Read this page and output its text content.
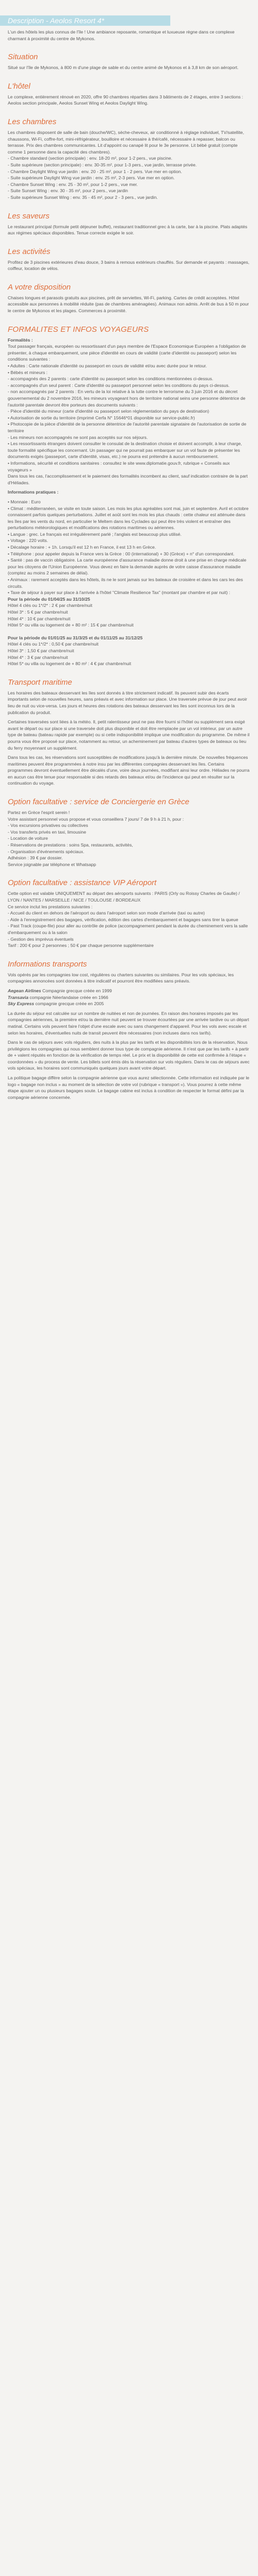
Description - Aeolos Resort 4*

L'un des hôtels les plus connus de l'île ! Une ambiance reposante, romantique et luxueuse règne dans ce complexe charmant à proximité du centre de Mykonos.

Situation

Situé sur l'île de Mykonos, à 800 m d'une plage de sable et du centre animé de Mykonos et à 3,8 km de son aéroport.

L'hôtel

Le complexe, entièrement rénové en 2020, offre 90 chambres réparties dans 3 bâtiments de 2 étages, entre 3 sections : Aeolos section principale, Aeolos Sunset Wing et Aeolos Daylight Wing.

Les chambres

Les chambres disposent de salle de bain (douche/WC), sèche-cheveux, air conditionné à réglage individuel, TV/satellite, chaussons, Wi-Fi, coffre-fort, mini-réfrigérateur, bouilloire et nécessaire à thé/café, nécessaire à repasser, balcon ou terrasse. Prix des chambres communicantes. Lit d'appoint ou canapé lit pour le 3e personne. Lit bébé gratuit (compte comme 1 personne dans la capacité des chambres).

- Chambre standard (section principale) : env. 18-20 m², pour 1-2 pers., vue piscine.

- Suite supérieure (section principale) : env. 30-35 m², pour 1-3 pers., vue jardin, terrasse privée.

- Chambre Daylight Wing vue jardin : env. 20 - 25 m², pour 1 - 2 pers. Vue mer en option.

- Suite supérieure Daylight Wing vue jardin : env. 25 m², 2-3 pers. Vue mer en option.

- Chambre Sunset Wing : env. 25 - 30 m², pour 1-2 pers., vue mer.

- Suite Sunset Wing : env. 30 - 35 m², pour 2 pers., vue jardin

- Suite supérieure Sunset Wing : env. 35 - 45 m², pour 2 - 3 pers., vue jardin.

Les saveurs

Le restaurant principal (formule petit déjeuner buffet), restaurant traditionnel grec à la carte, bar à la piscine. Plats adaptés aux régimes spéciaux disponibles. Tenue correcte exigée le soir.

Les activités

Profitez de 3 piscines extérieures d'eau douce, 3 bains à remous extérieurs chauffés. Sur demande et payants : massages, coiffeur, location de vélos.

A votre disposition

Chaises longues et parasols gratuits aux piscines, prêt de serviettes, Wi-Fi, parking. Cartes de crédit acceptées. Hôtel accessible aux personnes à mobilité réduite (pas de chambres aménagées). Animaux non admis. Arrêt de bus à 50 m pour le centre de Mykonos et les plages. Commerces à proximité.

FORMALITES ET INFOS VOYAGEURS

Formalités :

Tout passager français, européen ou ressortissant d'un pays membre de l'Espace Economique Européen a l'obligation de présenter, à chaque embarquement, une pièce d'identité en cours de validité (carte d'identité ou passeport) selon les conditions suivantes :

• Adultes : Carte nationale d'identité ou passeport en cours de validité et/ou avec durée pour le retour.

• Bébés et mineurs :

- accompagnés des 2 parents : carte d'identité ou passeport selon les conditions mentionnées ci-dessus.

- accompagnés d'un seul parent : Carte d'identité ou passeport personnel selon les conditions du pays ci-dessus.

- non accompagnés par 2 parents : En vertu de la loi relative à la lutte contre le terrorisme du 3 juin 2016 et du décret gouvernemental du 2 novembre 2016, les mineurs voyageant hors de territoire national seins une personne détentrice de l'autorité parentale devront être porteurs des documents suivants :

- Pièce d'identité du mineur (carte d'identité ou passeport selon réglementation du pays de destination)

• Autorisation de sortie du territoire (imprimé Cerfa N° 15646*01 disponible sur service-public.fr)

• Photocopie de la pièce d'identité de la personne détentrice de l'autorité parentale signataire de l'autorisation de sortie de territoire

- Les mineurs non accompagnés ne sont pas acceptés sur nos séjours.

• Les ressortissants étrangers doivent consulter le consulat de la destination choisie et doivent accomplir, à leur charge, toute formalité spécifique les concernant. Un passager qui ne pourrait pas embarquer sur un vol faute de présenter les documents exigés (passeport, carte d'identité, visas, etc.) ne pourra est prétendre à aucun remboursement.

• Informations, sécurité et conditions sanitaires : consultez le site www.diplomatie.gouv.fr, rubrique « Conseils aux voyageurs »

Dans tous les cas, l'accomplissement et le paiement des formalités incombent au client, sauf indication contraire de la part d'Héliades.

Informations pratiques :

• Monnaie : Euro

• Climat : méditerranéen, se visite en toute saison. Les mois les plus agréables sont mai, juin et septembre. Avril et octobre connaissent parfois quelques perturbations. Juillet et août sont les mois les plus chauds : cette chaleur est atténuée dans les îles par les vents du nord, en particulier le Meltem dans les Cyclades qui peut être très violent et entraîner des perturbations météorologiques et modifications des rotations maritimes ou aériennes.

• Langue : grec. Le français est irrégulièrement parlé ; l'anglais est beaucoup plus utilisé.

• Voltage : 220 volts.

• Décalage horaire : + 1h. Lorsqu'il est 12 h en France, il est 13 h en Grèce.

• Téléphone : pour appeler depuis la France vers la Grèce : 00 (international) + 30 (Grèce) + n° d'un correspondant.

• Santé : pas de vaccin obligatoire. La carte européenne d'assurance maladie donne droit à une prise en charge médicale pour les citoyens de l'Union Européenne. Vous devez en faire la demande auprès de votre caisse d'assurance maladie (comptez au moins 2 semaines de délai).

• Animaux : rarement acceptés dans les hôtels, ils ne le sont jamais sur les bateaux de croisière et dans les cars les des circuits.

• Taxe de séjour à payer sur place à l'arrivée à l'hôtel "Climate Resilience Tax" (montant par chambre et par nuit) :

Pour la période du 01/04/25 au 31/10/25

Hôtel 4 clés ou 1*/2* : 2 € par chambre/nuit

Hôtel 3* : 5 € par chambre/nuit

Hôtel 4* : 10 € par chambre/nuit

Hôtel 5* ou villa ou logement de + 80 m² : 15 € par chambre/nuit

Pour la période du 01/01/25 au 31/3/25 et du 01/11/25 au 31/12/25

Hôtel 4 clés ou 1*/2* : 0,50 € par chambre/nuit

Hôtel 3* : 1,50 € par chambre/nuit

Hôtel 4* : 3 € par chambre/nuit

Hôtel 5* ou villa ou logement de + 80 m² : 4 € par chambre/nuit

Transport maritime

Les horaires des bateaux desservant les îles sont donnés à titre strictement indicatif. Ils peuvent subir des écarts importants selon de nouvelles heures, sans préavis et avec information sur place. Une traversée prévue de jour peut avoir lieu de nuit ou vice-versa. Les jours et heures des rotations des bateaux desservant les îles sont inconnus lors de la publication du produit.

Certaines traversées sont liées à la météo. Il, petit ralentisseur peut ne pas être fourni si l'hôtel ou supplément sera exigé avant le départ ou sur place si une traversée doit plus disponible et doit être remplacée par un vol intérieur, par un autre type de bateau (bateau rapide par exemple) ou si cette indisponibilité implique une modification du programme. De même il pourra vous être proposé sur place, notamment au retour, un acheminement par bateau d'autres types de bateaux ou lieu du ferry moyennant un supplément.

Dans tous les cas, les réservations sont susceptibles de modifications jusqu'à la dernière minute. De nouvelles fréquences maritimes peuvent être programmées à notre insu par les différentes compagnies desservant les îles. Certains programmes devront éventuellement être décalés d'une, voire deux journées, modifiant ainsi leur ordre. Héliades ne pourra en aucun cas être tenue pour responsable si des retards des bateaux et/ou de l'incidence qui peut en résulter sur la continuation du voyage.

Option facultative : service de Conciergerie en Grèce

Partez en Grèce l'esprit serein !

Votre assistant personnel vous propose et vous conseillera 7 jours/ 7 de 9 h à 21 h, pour :

- Vos excursions privatives ou collectives

- Vos transferts privés en taxi, limousine

- Location de voiture

- Réservations de prestations : soins Spa, restaurants, activités,

- Organisation d'événements spéciaux.

Adhésion : 39 € par dossier.

Service joignable par téléphone et Whatsapp

Option facultative : assistance VIP Aéroport

Cette option est valable UNIQUEMENT au départ des aéroports suivants : PARIS (Orly ou Roissy Charles de Gaulle) / LYON / NANTES / MARSEILLE / NICE / TOULOUSE / BORDEAUX

Ce service inclut les prestations suivantes :

- Accueil du client en dehors de l'aéroport ou dans l'aéroport selon son mode d'arrivée (taxi ou autre)

- Aide à l'enregistrement des bagages, vérification, édition des cartes d'embarquement et bagages sans tirer la queue

- Past Track (coupe-file) pour aller au contrôle de police (accompagnement pendant la durée du cheminement vers la salle d'embarquement ou à la salon

- Gestion des imprévus éventuels

Tarif : 200 € pour 2 personnes ; 50 € par chaque personne supplémentaire

Informations transports

Vols opérés par les compagnies low cost, régulières ou charters suivantes ou similaires. Pour les vols spéciaux, les compagnies annoncées sont données à titre indicatif et pourront être modifiées sans préavis.

Aegean Airlines Compagnie grecque créée en 1999

Transavia compagnie Néerlandaise créée en 1966

Sky Express compagnie grecque créée en 2005

La durée du séjour est calculée sur un nombre de nuitées et non de journées. En raison des horaires imposés par les compagnies aériennes, la première et/ou la dernière nuit peuvent se trouver écourtées par une arrivée tardive ou un départ matinal. Certains vols peuvent faire l'objet d'une escale avec ou sans changement d'appareil. Pour les vols avec escale et selon les horaires, d'éventuelles nuits de transit peuvent être nécessaires (non incluses dans nos tarifs).

Dans le cas de séjours avec vols réguliers, des nuits à la plus par les tarifs et les disponibilités lors de la réservation, Nous privilégions les compagnies qui nous semblent donner tous type de compagnie aérienne. Il n'est que par les tarifs + à partir de + valent réputés en fonction de la vérification de temps réel. Le prix et la disponibilité de cette est confirmée à l'étape « coordonnées » du process de vente. Les billets sont émis dès la réservation sur vols réguliers. Dans le cas de séjours avec vols spéciaux, les horaires sont communiqués quelques jours avant votre départ.

La politique bagage diffère selon la compagnie aérienne que vous aurez sélectionnée. Cette information est indiquée par le logo « bagage non inclus » au moment de la sélection de votre vol (rubrique « transport »). Vous pourrez à cette même étape ajouter un ou plusieurs bagages soute. Le bagage cabine est inclus à condition de respecter le format défini par la compagnie aérienne concernée.
